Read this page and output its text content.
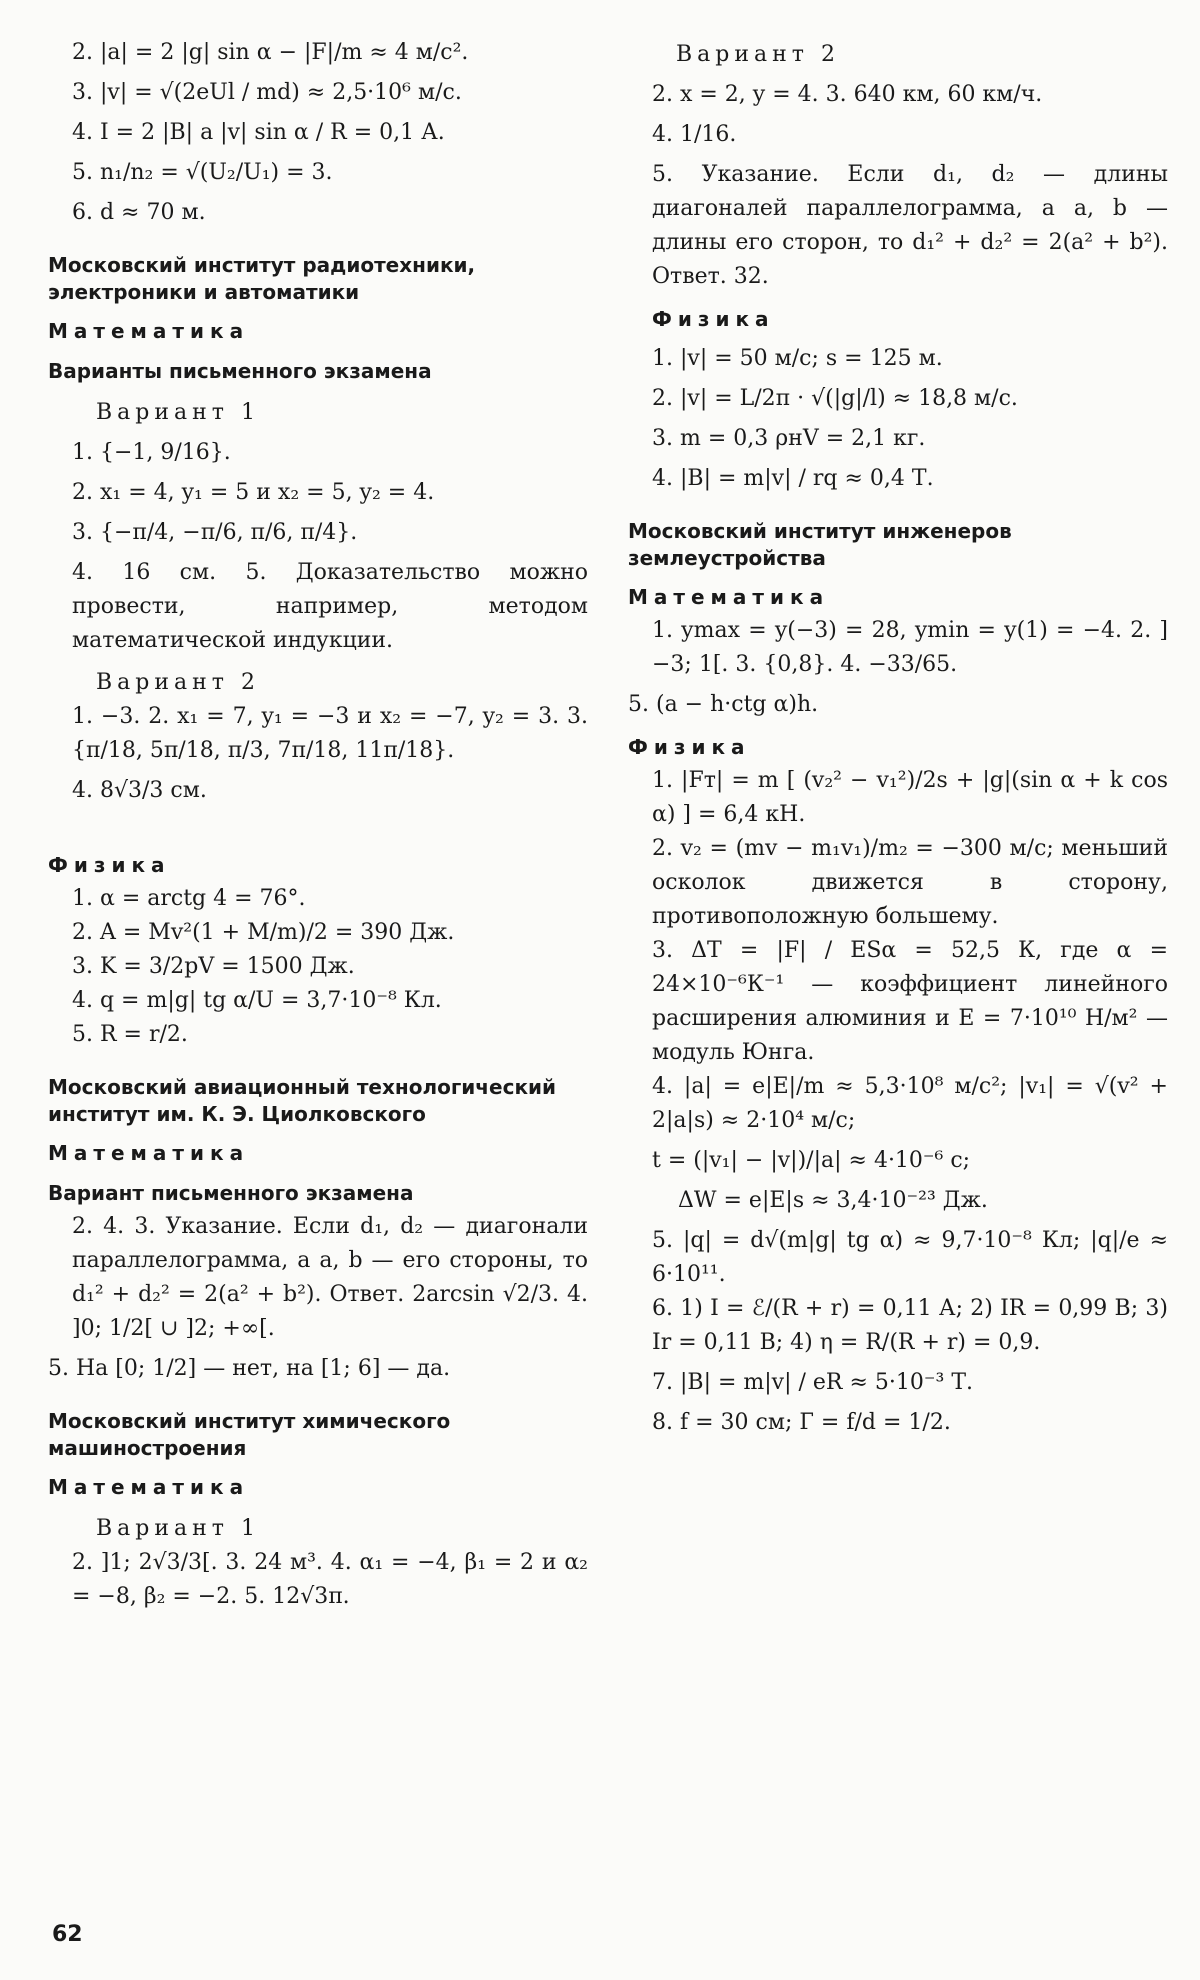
2. |a| = 2 |g| sin α − |F|/m ≈ 4 м/с².

3. |v| = √(2eUl / md) ≈ 2,5·10⁶ м/с.

4. I = 2 |B| a |v| sin α / R = 0,1 А.

5. n₁/n₂ = √(U₂/U₁) = 3.

6. d ≈ 70 м.

Московский институт радиотехники, электроники и автоматики

Математика

Варианты письменного экзамена

Вариант 1

1. {−1, 9/16}.

2. x₁ = 4, y₁ = 5 и x₂ = 5, y₂ = 4.

3. {−π/4, −π/6, π/6, π/4}.

4. 16 см. 5. Доказательство можно провести, например, методом математической индукции.

Вариант 2

1. −3. 2. x₁ = 7, y₁ = −3 и x₂ = −7, y₂ = 3. 3. {π/18, 5π/18, π/3, 7π/18, 11π/18}.

4. 8√3/3 см.

Физика

1. α = arctg 4 = 76°.

2. A = Mv²(1 + M/m)/2 = 390 Дж.

3. K = 3/2pV = 1500 Дж.

4. q = m|g| tg α/U = 3,7·10⁻⁸ Кл.

5. R = r/2.

Московский авиационный технологический институт им. К. Э. Циолковского

Математика

Вариант письменного экзамена

2. 4. 3. Указание. Если d₁, d₂ — диагонали параллелограмма, а a, b — его стороны, то d₁² + d₂² = 2(a² + b²). Ответ. 2arcsin √2/3. 4. ]0; 1/2[ ∪ ]2; +∞[.

5. На [0; 1/2] — нет, на [1; 6] — да.

Московский институт химического машиностроения

Математика

Вариант 1

2. ]1; 2√3/3[. 3. 24 м³. 4. α₁ = −4, β₁ = 2 и α₂ = −8, β₂ = −2. 5. 12√3π.

Вариант 2

2. x = 2, y = 4. 3. 640 км, 60 км/ч.

4. 1/16.

5. Указание. Если d₁, d₂ — длины диагоналей параллелограмма, а a, b — длины его сторон, то d₁² + d₂² = 2(a² + b²). Ответ. 32.

Физика

1. |v| = 50 м/с; s = 125 м.

2. |v| = L/2π · √(|g|/l) ≈ 18,8 м/с.

3. m = 0,3 ρнV = 2,1 кг.

4. |B| = m|v| / rq ≈ 0,4 Т.

Московский институт инженеров землеустройства

Математика

1. ymax = y(−3) = 28, ymin = y(1) = −4. 2. ]−3; 1[. 3. {0,8}. 4. −33/65.

5. (a − h·ctg α)h.

Физика

1. |Fт| = m [ (v₂² − v₁²)/2s + |g|(sin α + k cos α) ] = 6,4 кН.

2. v₂ = (mv − m₁v₁)/m₂ = −300 м/с; меньший осколок движется в сторону, противоположную большему.

3. ΔT = |F| / ESα = 52,5 К, где α = 24×10⁻⁶К⁻¹ — коэффициент линейного расширения алюминия и E = 7·10¹⁰ Н/м² — модуль Юнга.

4. |a| = e|E|/m ≈ 5,3·10⁸ м/с²; |v₁| = √(v² + 2|a|s) ≈ 2·10⁴ м/с;

t = (|v₁| − |v|)/|a| ≈ 4·10⁻⁶ с;

ΔW = e|E|s ≈ 3,4·10⁻²³ Дж.

5. |q| = d√(m|g| tg α) ≈ 9,7·10⁻⁸ Кл; |q|/e ≈ 6·10¹¹.

6. 1) I = ℰ/(R + r) = 0,11 А; 2) IR = 0,99 В; 3) Ir = 0,11 В; 4) η = R/(R + r) = 0,9.

7. |B| = m|v| / eR ≈ 5·10⁻³ Т.

8. f = 30 см; Г = f/d = 1/2.

62
